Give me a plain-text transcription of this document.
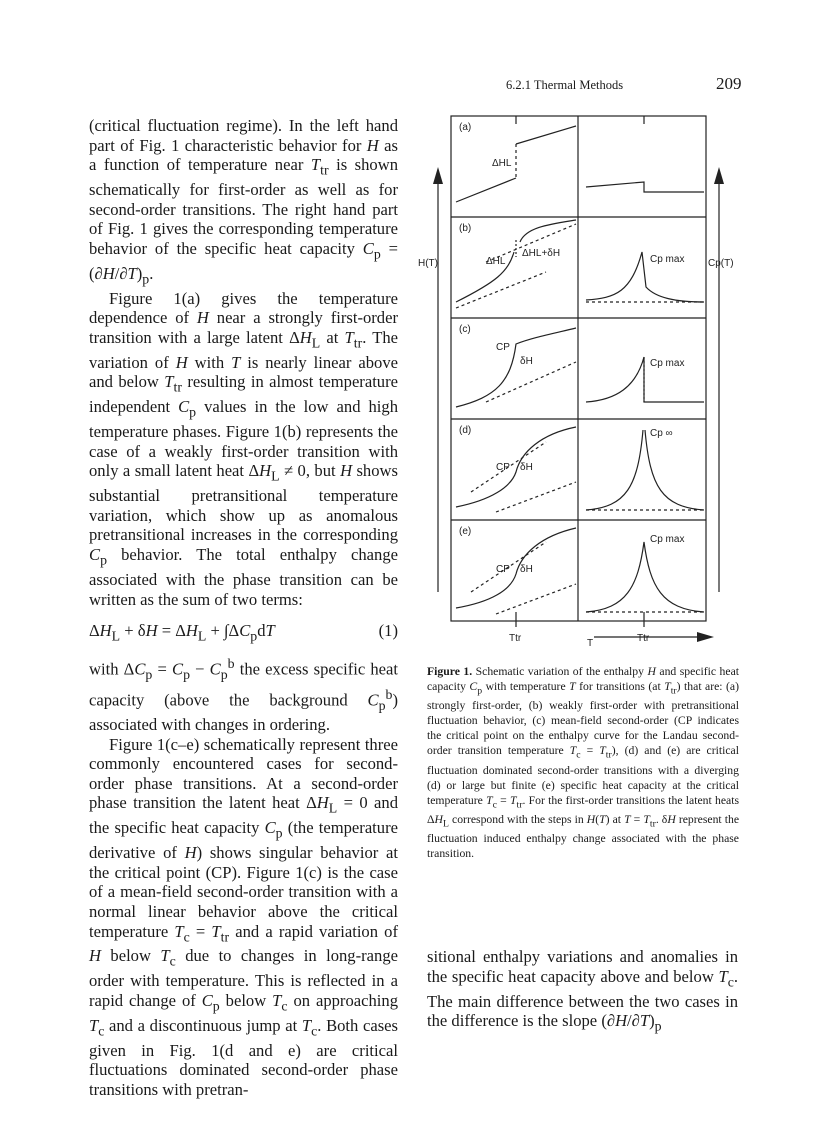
6.2.1 Thermal Methods	209

(critical fluctuation regime). In the left hand part of Fig. 1 characteristic behavior for H as a function of temperature near $T_{tr}$ is shown schematically for first-order as well as for second-order transitions. The right hand part of Fig. 1 gives the corresponding temperature behavior of the specific heat capacity $C_p = (\partial H/\partial T)_p$.

Figure 1(a) gives the temperature dependence of H near a strongly first-order transition with a large latent $\Delta H_L$ at $T_{tr}$. The variation of H with T is nearly linear above and below $T_{tr}$ resulting in almost temperature independent $C_p$ values in the low and high temperature phases. Figure 1(b) represents the case of a weakly first-order transition with only a small latent heat $\Delta H_L \ne 0$, but H shows substantial pretransitional temperature variation, which show up as anomalous pretransitional increases in the corresponding $C_p$ behavior. The total enthalpy change associated with the phase transition can be written as the sum of two terms:

$\Delta H_L + \delta H = \Delta H_L + \int\Delta C_pdT$	(1)

with $\Delta C_p = C_p - C_p^b$ the excess specific heat capacity (above the background $C_p^b$) associated with changes in ordering.

Figure 1(c–e) schematically represent three commonly encountered cases for second-order phase transitions. At a second-order phase transition the latent heat $\Delta H_L = 0$ and the specific heat capacity $C_p$ (the temperature derivative of H) shows singular behavior at the critical point (CP). Figure 1(c) is the case of a mean-field second-order transition with a normal linear behavior above the critical temperature $T_c = T_{tr}$ and a rapid variation of H below $T_c$ due to changes in long-range order with temperature. This is reflected in a rapid change of $C_p$ below $T_c$ on approaching $T_c$ and a discontinuous jump at $T_c$. Both cases given in Fig. 1(d and e) are critical fluctuations dominated second-order phase transitions with pretran-

(a)
(b)
(c)
(d)
(e)
H(T)	Cp(T)
T
Ttr	Ttr
ΔHL
ΔHL
ΔHL+δH
CP
δH
CP δH
CP δH
Cp max
Cp max
Cp ∞
Cp max
Figure 1. Schematic variation of the enthalpy H and specific heat capacity $C_p$ with temperature T for transitions (at $T_{tr}$) that are: (a) strongly first-order, (b) weakly first-order with pretransitional fluctuation behavior, (c) mean-field second-order (CP indicates the critical point on the enthalpy curve for the Landau second-order transition temperature $T_c = T_{tr}$), (d) and (e) are critical fluctuation dominated second-order transitions with a diverging (d) or large but finite (e) specific heat capacity at the critical temperature $T_c = T_{tr}$. For the first-order transitions the latent heats $\Delta H_L$ correspond with the steps in H(T) at $T = T_{tr}$. δH represent the fluctuation induced enthalpy change associated with the phase transition.

sitional enthalpy variations and anomalies in the specific heat capacity above and below $T_c$. The main difference between the two cases in the difference is the slope $(\partial H/\partial T)_p$
